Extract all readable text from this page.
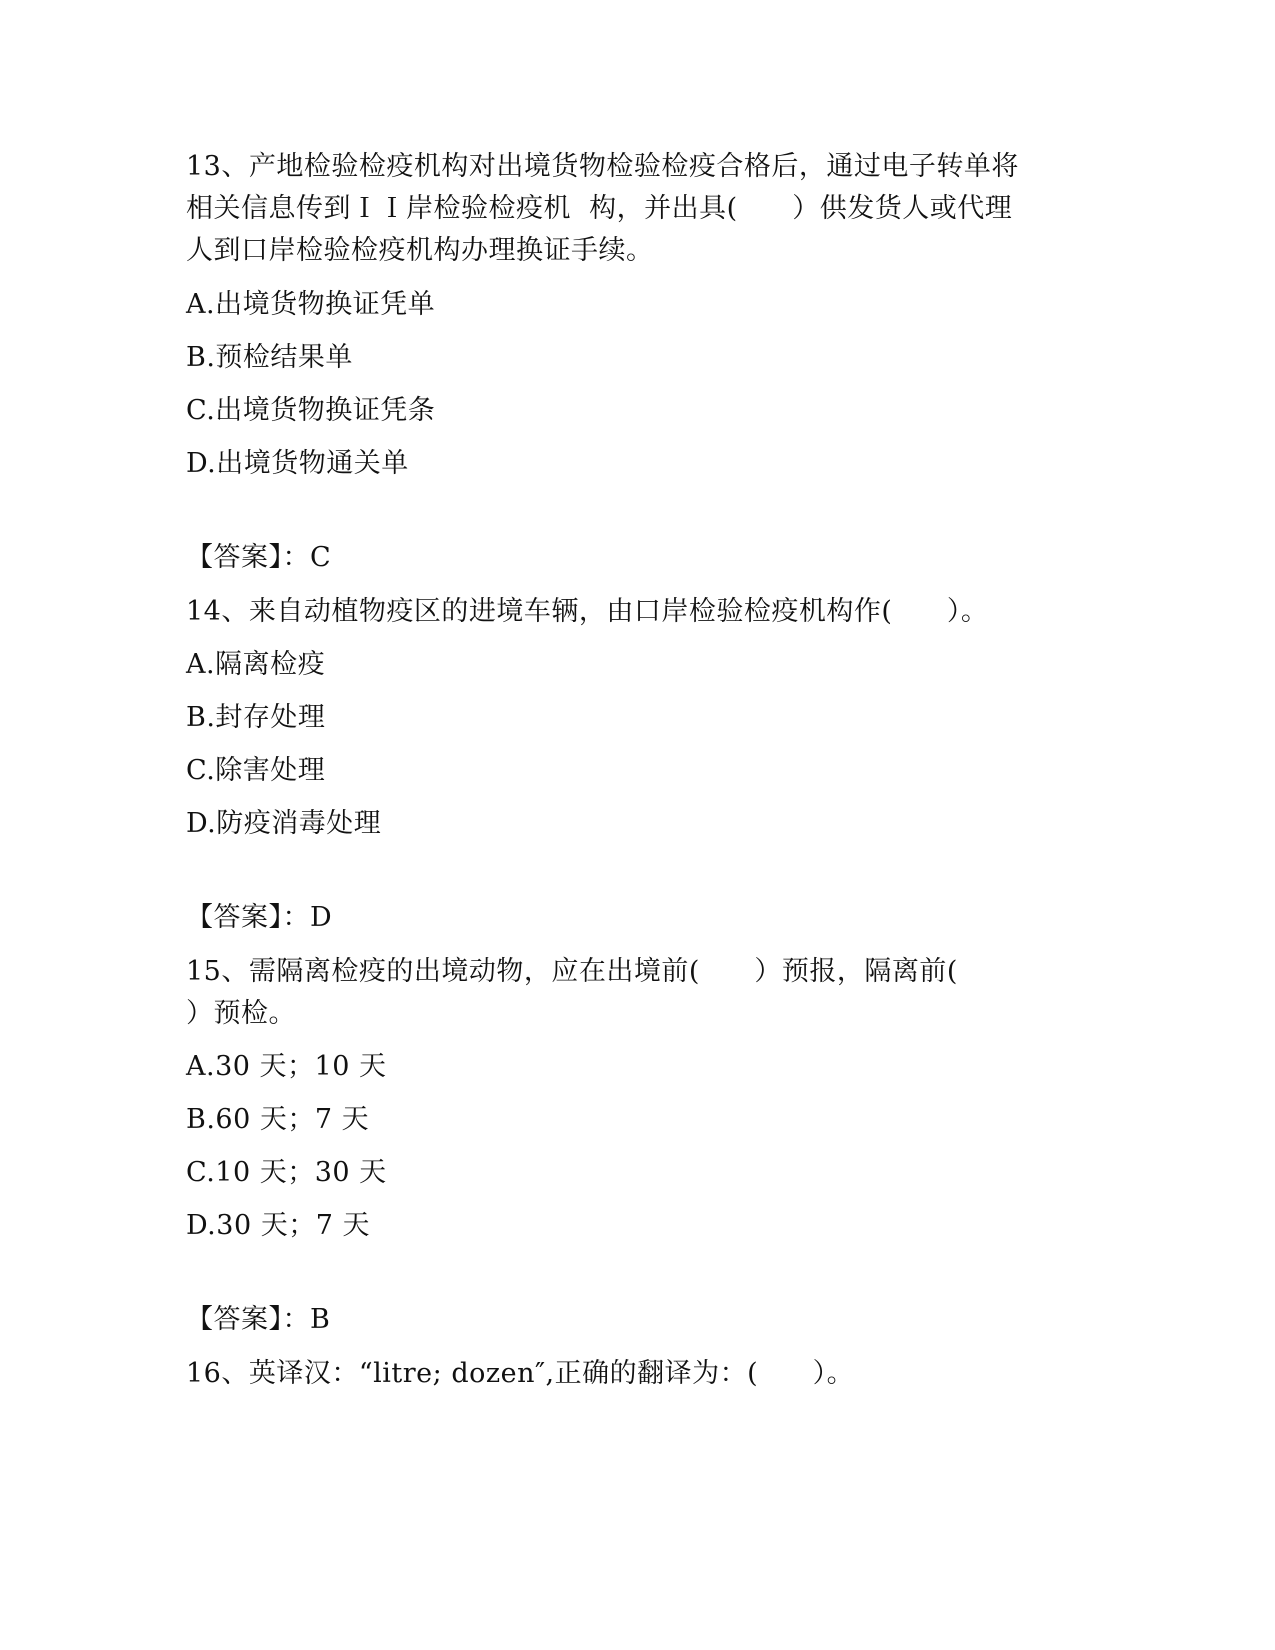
13、产地检验检疫机构对出境货物检验检疫合格后，通过电子转单将
相关信息传到ＩＩ岸检验检疫机  构，并出具(      ）供发货人或代理
人到口岸检验检疫机构办理换证手续。
A.出境货物换证凭单
B.预检结果单
C.出境货物换证凭条
D.出境货物通关单
【答案】：C
14、来自动植物疫区的进境车辆，由口岸检验检疫机构作(      ）。
A.隔离检疫
B.封存处理
C.除害处理
D.防疫消毒处理
【答案】：D
15、需隔离检疫的出境动物，应在出境前(      ）预报，隔离前(
）预检。
A.30 天；10 天
B.60 天；7 天
C.10 天；30 天
D.30 天；7 天
【答案】：B
16、英译汉：“litre; dozen″,正确的翻译为：(      ）。
